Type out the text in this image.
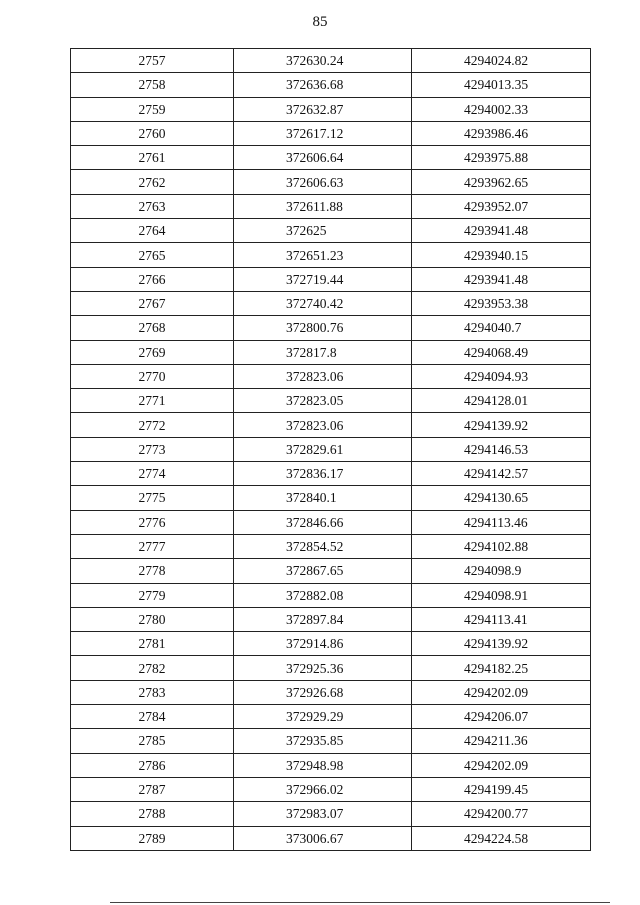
85
2757	372630.24	4294024.82
2758	372636.68	4294013.35
2759	372632.87	4294002.33
2760	372617.12	4293986.46
2761	372606.64	4293975.88
2762	372606.63	4293962.65
2763	372611.88	4293952.07
2764	372625	4293941.48
2765	372651.23	4293940.15
2766	372719.44	4293941.48
2767	372740.42	4293953.38
2768	372800.76	4294040.7
2769	372817.8	4294068.49
2770	372823.06	4294094.93
2771	372823.05	4294128.01
2772	372823.06	4294139.92
2773	372829.61	4294146.53
2774	372836.17	4294142.57
2775	372840.1	4294130.65
2776	372846.66	4294113.46
2777	372854.52	4294102.88
2778	372867.65	4294098.9
2779	372882.08	4294098.91
2780	372897.84	4294113.41
2781	372914.86	4294139.92
2782	372925.36	4294182.25
2783	372926.68	4294202.09
2784	372929.29	4294206.07
2785	372935.85	4294211.36
2786	372948.98	4294202.09
2787	372966.02	4294199.45
2788	372983.07	4294200.77
2789	373006.67	4294224.58
